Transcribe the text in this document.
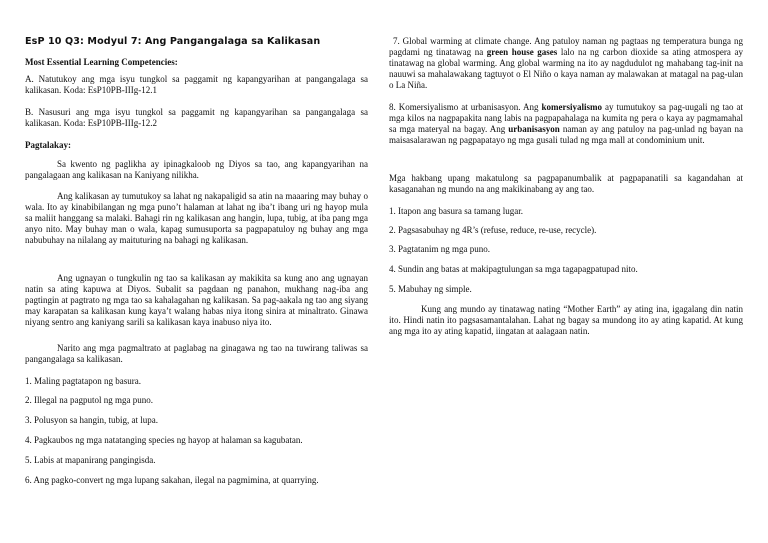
EsP 10 Q3: Modyul 7: Ang Pangangalaga sa Kalikasan

Most Essential Learning Competencies:

A. Natutukoy ang mga isyu tungkol sa paggamit ng kapangyarihan at pangangalaga sa kalikasan. Koda: EsP10PB-IIIg-12.1

B. Nasusuri ang mga isyu tungkol sa paggamit ng kapangyarihan sa pangangalaga sa kalikasan. Koda: EsP10PB-IIIg-12.2

Pagtalakay:

Sa kwento ng paglikha ay ipinagkaloob ng Diyos sa tao, ang kapangyarihan na pangalagaan ang kalikasan na Kaniyang nilikha.

Ang kalikasan ay tumutukoy sa lahat ng nakapaligid sa atin na maaaring may buhay o wala. Ito ay kinabibilangan ng mga puno’t halaman at lahat ng iba’t ibang uri ng hayop mula sa maliit hanggang sa malaki. Bahagi rin ng kalikasan ang hangin, lupa, tubig, at iba pang mga anyo nito. May buhay man o wala, kapag sumusuporta sa pagpapatuloy ng buhay ang mga nabubuhay na nilalang ay maituturing na bahagi ng kalikasan.

Ang ugnayan o tungkulin ng tao sa kalikasan ay makikita sa kung ano ang ugnayan natin sa ating kapuwa at Diyos. Subalit sa pagdaan ng panahon, mukhang nag-iba ang pagtingin at pagtrato ng mga tao sa kahalagahan ng kalikasan. Sa pag-aakala ng tao ang siyang may karapatan sa kalikasan kung kaya’t walang habas niya itong sinira at minaltrato. Ginawa niyang sentro ang kaniyang sarili sa kalikasan kaya inabuso niya ito.

Narito ang mga pagmaltrato at paglabag na ginagawa ng tao na tuwirang taliwas sa pangangalaga sa kalikasan.

1. Maling pagtatapon ng basura.

2. Illegal na pagputol ng mga puno.

3. Polusyon sa hangin, tubig, at lupa.

4. Pagkaubos ng mga natatanging species ng hayop at halaman sa kagubatan.

5. Labis at mapanirang pangingisda.

6. Ang pagko-convert ng mga lupang sakahan, ilegal na pagmimina, at quarrying.

7. Global warming at climate change. Ang patuloy naman ng pagtaas ng temperatura bunga ng pagdami ng tinatawag na green house gases lalo na ng carbon dioxide sa ating atmospera ay tinatawag na global warming. Ang global warming na ito ay nagdudulot ng mahabang tag-init na nauuwi sa mahalawakang tagtuyot o El Niño o kaya naman ay malawakan at matagal na pag-ulan o La Niña.

8. Komersiyalismo at urbanisasyon. Ang komersiyalismo ay tumutukoy sa pag-uugali ng tao at mga kilos na nagpapakita nang labis na pagpapahalaga na kumita ng pera o kaya ay pagmamahal sa mga materyal na bagay. Ang urbanisasyon naman ay ang patuloy na pag-unlad ng bayan na maisasalarawan ng pagpapatayo ng mga gusali tulad ng mga mall at condominium unit.

Mga hakbang upang makatulong sa pagpapanumbalik at pagpapanatili sa kagandahan at kasaganahan ng mundo na ang makikinabang ay ang tao.

1. Itapon ang basura sa tamang lugar.

2. Pagsasabuhay ng 4R’s (refuse, reduce, re-use, recycle).

3. Pagtatanim ng mga puno.

4. Sundin ang batas at makipagtulungan sa mga tagapagpatupad nito.

5. Mabuhay ng simple.

Kung ang mundo ay tinatawag nating “Mother Earth” ay ating ina, igagalang din natin ito. Hindi natin ito pagsasamantalahan. Lahat ng bagay sa mundong ito ay ating kapatid. At kung ang mga ito ay ating kapatid, iingatan at aalagaan natin.
